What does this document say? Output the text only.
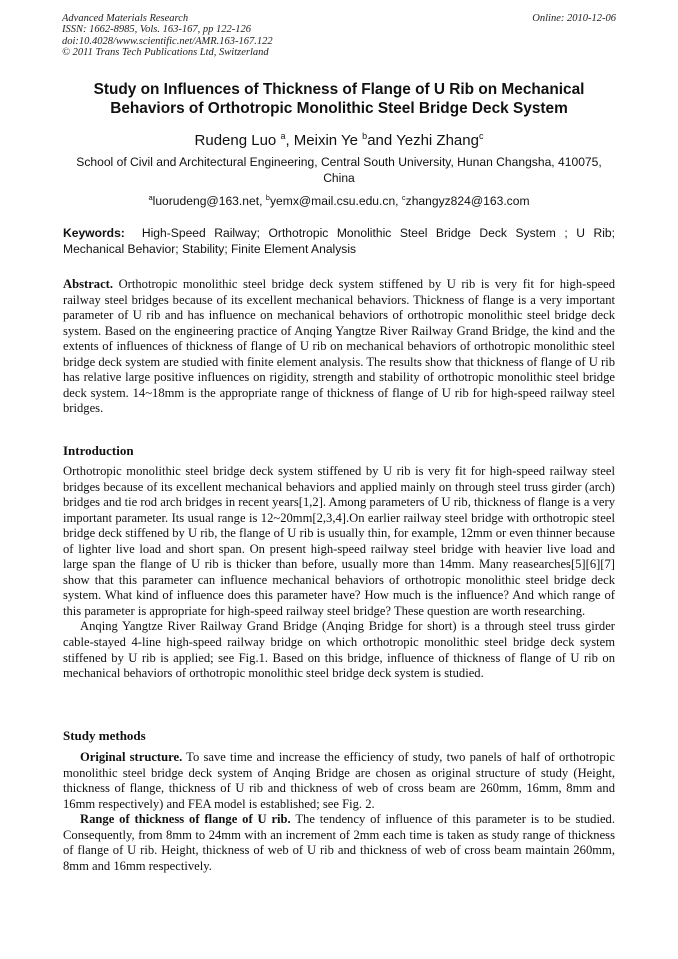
Advanced Materials Research
ISSN: 1662-8985, Vols. 163-167, pp 122-126
doi:10.4028/www.scientific.net/AMR.163-167.122
© 2011 Trans Tech Publications Ltd, Switzerland
Online: 2010-12-06
Study on Influences of Thickness of Flange of U Rib on Mechanical Behaviors of Orthotropic Monolithic Steel Bridge Deck System
Rudeng Luo $^a$, Meixin Ye $^b$and Yezhi Zhang$^c$
School of Civil and Architectural Engineering, Central South University, Hunan Changsha, 410075, China
$^a$luorudeng@163.net, $^b$yemx@mail.csu.edu.cn, $^c$zhangyz824@163.com
Keywords: High-Speed Railway; Orthotropic Monolithic Steel Bridge Deck System ; U Rib; Mechanical Behavior; Stability; Finite Element Analysis

Abstract. Orthotropic monolithic steel bridge deck system stiffened by U rib is very fit for high-speed railway steel bridges because of its excellent mechanical behaviors. Thickness of flange is a very important parameter of U rib and has influence on mechanical behaviors of orthotropic monolithic steel bridge deck system. Based on the engineering practice of Anqing Yangtze River Railway Grand Bridge, the kind and the extents of influences of thickness of flange of U rib on mechanical behaviors of orthotropic monolithic steel bridge deck system are studied with finite element analysis. The results show that thickness of flange of U rib has relative large positive influences on rigidity, strength and stability of orthotropic monolithic steel bridge deck system. 14~18mm is the appropriate range of thickness of flange of U rib for high-speed railway steel bridges.

Introduction

Orthotropic monolithic steel bridge deck system stiffened by U rib is very fit for high-speed railway steel bridges because of its excellent mechanical behaviors and applied mainly on through steel truss girder (arch) bridges and tie rod arch bridges in recent years[1,2]. Among parameters of U rib, thickness of flange is a very important parameter. Its usual range is 12~20mm[2,3,4].On earlier railway steel bridge with orthotropic steel bridge deck stiffened by U rib, the flange of U rib is usually thin, for example, 12mm or even thinner because of lighter live load and short span. On present high-speed railway steel bridge with heavier live load and large span the flange of U rib is thicker than before, usually more than 14mm. Many reasearches[5][6][7] show that this parameter can influence mechanical behaviors of orthotropic monolithic steel bridge deck system. What kind of influence does this parameter have? How much is the influence? And which range of this parameter is appropriate for high-speed railway steel bridge? These question are worth researching.

Anqing Yangtze River Railway Grand Bridge (Anqing Bridge for short) is a through steel truss girder cable-stayed 4-line high-speed railway bridge on which orthotropic monolithic steel bridge deck system stiffened by U rib is applied; see Fig.1. Based on this bridge, influence of thickness of flange of U rib on mechanical behaviors of orthotropic monolithic steel bridge deck system is studied.

Study methods

Original structure. To save time and increase the efficiency of study, two panels of half of orthotropic monolithic steel bridge deck system of Anqing Bridge are chosen as original structure of study (Height, thickness of flange, thickness of U rib and thickness of web of cross beam are 260mm, 16mm, 8mm and 16mm respectively) and FEA model is established; see Fig. 2.

Range of thickness of flange of U rib. The tendency of influence of this parameter is to be studied. Consequently, from 8mm to 24mm with an increment of 2mm each time is taken as study range of thickness of flange of U rib. Height, thickness of web of U rib and thickness of web of cross beam maintain 260mm, 8mm and 16mm respectively.
